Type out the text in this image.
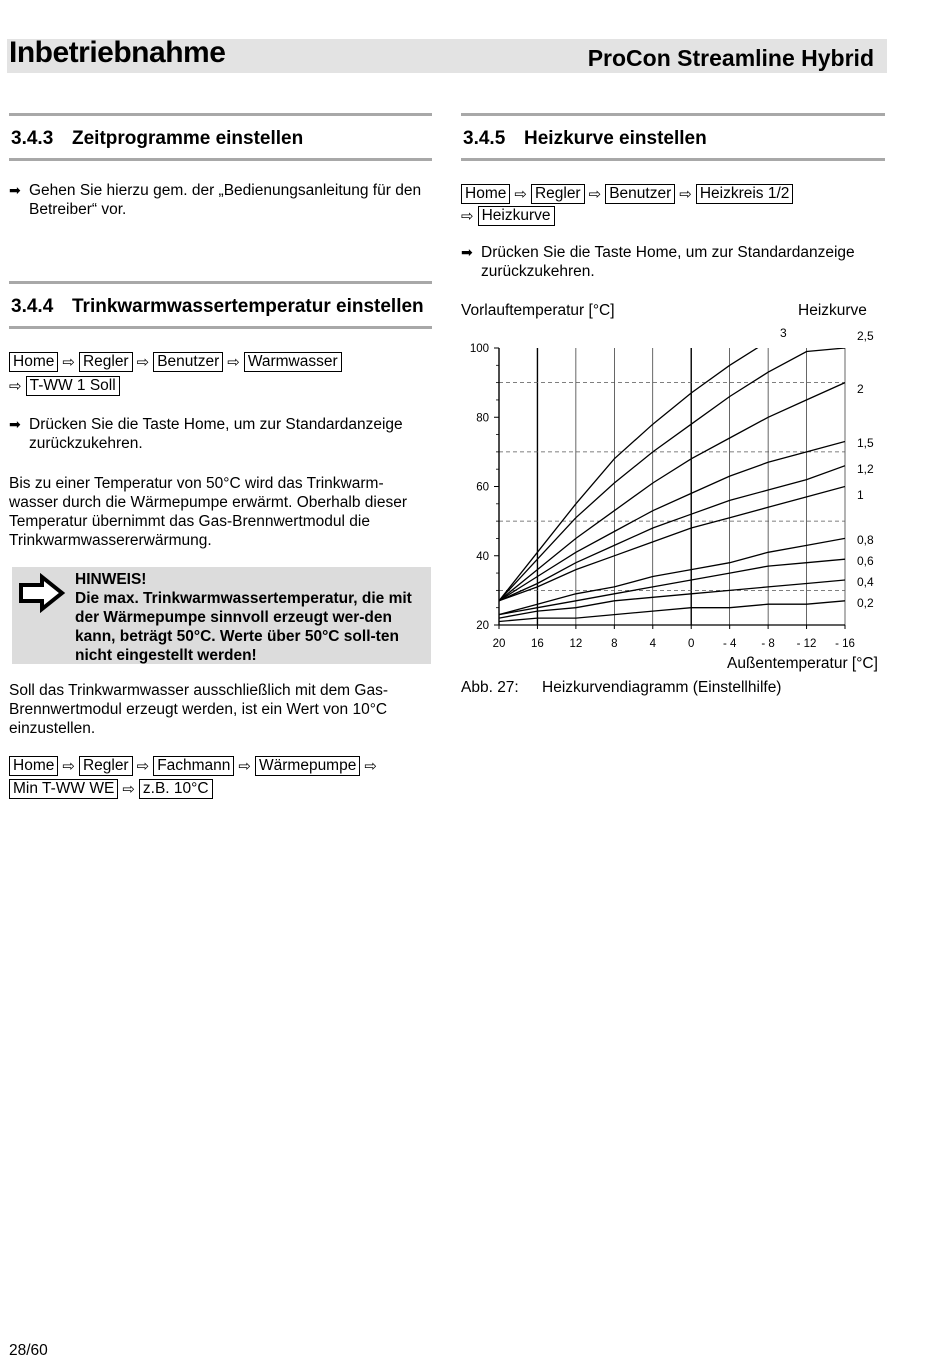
Inbetriebnahme	ProCon Streamline Hybrid
3.4.3 Zeitprogramme einstellen
➡ Gehen Sie hierzu gem. der „Bedienungsanleitung für den Betreiber“ vor.
3.4.4 Trinkwarmwassertemperatur einstellen
Home ⇨ Regler ⇨ Benutzer ⇨ Warmwasser
⇨ T-WW 1 Soll
➡ Drücken Sie die Taste Home, um zur Standardanzeige zurückzukehren.
Bis zu einer Temperatur von 50°C wird das Trinkwarm-wasser durch die Wärmepumpe erwärmt. Oberhalb dieser Temperatur übernimmt das Gas-Brennwertmodul die Trinkwarmwassererwärmung.

HINWEIS!

Die max. Trinkwarmwassertemperatur, die mit der Wärmepumpe sinnvoll erzeugt wer-den kann, beträgt 50°C. Werte über 50°C soll-ten nicht eingestellt werden!

Soll das Trinkwarmwasser ausschließlich mit dem Gas-Brennwertmodul erzeugt werden, ist ein Wert von 10°C einzustellen.
Home ⇨ Regler ⇨ Fachmann ⇨ Wärmepumpe ⇨
Min T-WW WE ⇨ z.B. 10°C
3.4.5 Heizkurve einstellen
Home ⇨ Regler ⇨ Benutzer ⇨ Heizkreis 1/2
⇨ Heizkurve
➡ Drücken Sie die Taste Home, um zur Standardanzeige zurückzukehren.
Vorlauftemperatur [°C]	Heizkurve
20 16 12	8	4	0 - 4 - 8 - 12 - 16
20
40
60
80
100
3	2,5
2
1,5
1,2
1
0,8
0,6
0,4
0,2
Außentemperatur [°C]
Abb. 27: Heizkurvendiagramm (Einstellhilfe)
28/60
